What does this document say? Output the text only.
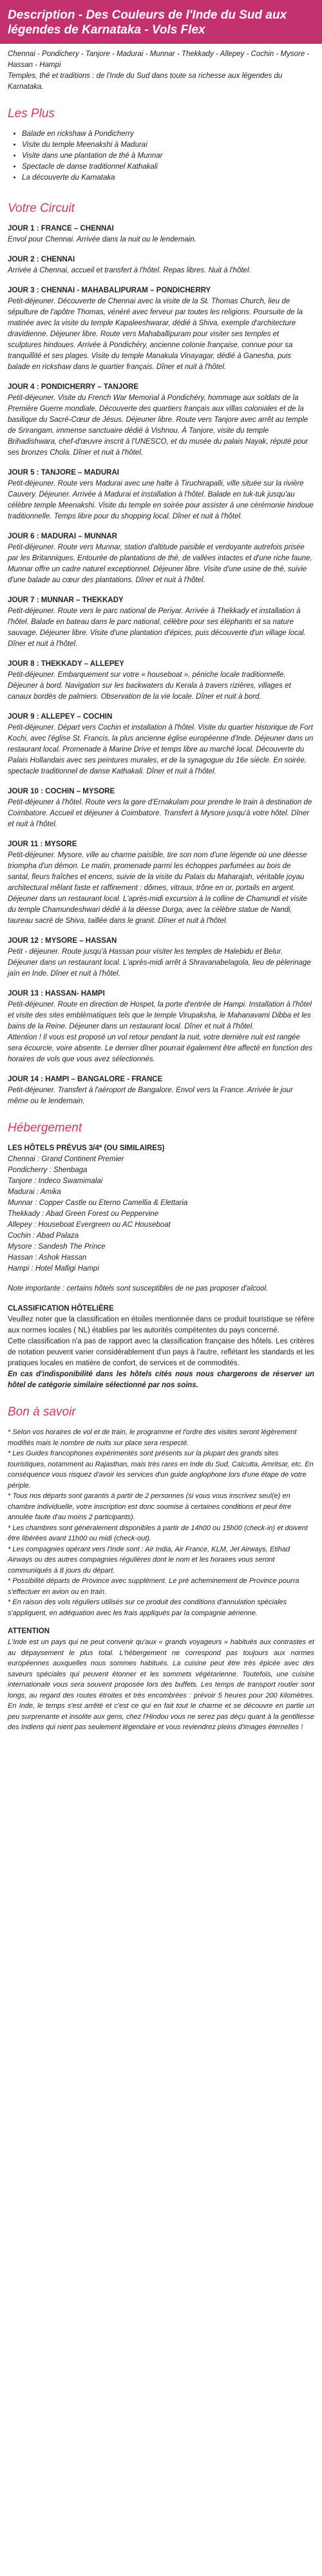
Description - Des Couleurs de l'Inde du Sud aux légendes de Karnataka - Vols Flex

Chennai - Pondichery - Tanjore - Madurai - Munnar - Thekkady - Allepey - Cochin - Mysore - Hassan - Hampi

Temples, thé et traditions : de l'Inde du Sud dans toute sa richesse aux légendes du Karnataka.

Les Plus
• Balade en rickshaw à Pondicherry
• Visite du temple Meenakshi à Madurai
• Visite dans une plantation de thé à Munnar
• Spectacle de danse traditionnel Kathakali
• La découverte du Karnataka
Votre Circuit

JOUR 1 : FRANCE – CHENNAI

Envol pour Chennai. Arrivée dans la nuit ou le lendemain.

JOUR 2 : CHENNAI

Arrivée à Chennai, accueil et transfert à l'hôtel. Repas libres. Nuit à l'hôtel.

JOUR 3 : CHENNAI - MAHABALIPURAM – PONDICHERRY

Petit-déjeuner. Découverte de Chennai avec la visite de la St. Thomas Church, lieu de sépulture de l'apôtre Thomas, vénéré avec ferveur par toutes les religions. Poursuite de la matinée avec la visite du temple Kapaleeshwarar, dédié à Shiva, exemple d'architecture dravidienne. Déjeuner libre. Route vers Mahaballipuram pour visiter ses temples et sculptures hindoues. Arrivée à Pondichéry, ancienne colonie française, connue pour sa tranquillité et ses plages. Visite du temple Manakula Vinayagar, dédié à Ganesha, puis balade en rickshaw dans le quartier français. Dîner et nuit à l'hôtel.

JOUR 4 : PONDICHERRY – TANJORE

Petit-déjeuner. Visite du French War Memorial à Pondichéry, hommage aux soldats de la Première Guerre mondiale. Découverte des quartiers français aux villas coloniales et de la basilique du Sacré-Cœur de Jésus. Déjeuner libre. Route vers Tanjore avec arrêt au temple de Srirangam, immense sanctuaire dédié à Vishnou. À Tanjore, visite du temple Brihadishwara, chef-d'œuvre inscrit à l'UNESCO, et du musée du palais Nayak, réputé pour ses bronzes Chola. Dîner et nuit à l'hôtel.

JOUR 5 : TANJORE – MADURAI

Petit-déjeuner. Route vers Madurai avec une halte à Tiruchirapalli, ville située sur la rivière Cauvery. Déjeuner. Arrivée à Madurai et installation à l'hôtel. Balade en tuk-tuk jusqu'au célèbre temple Meenakshi. Visite du temple en soirée pour assister à une cérémonie hindoue traditionnelle. Temps libre pour du shopping local. Dîner et nuit à l'hôtel.

JOUR 6 : MADURAI – MUNNAR

Petit-déjeuner. Route vers Munnar, station d'altitude paisible et verdoyante autrefois prisée par les Britanniques. Entourée de plantations de thé, de vallées intactes et d'une riche faune, Munnar offre un cadre naturel exceptionnel. Déjeuner libre. Visite d'une usine de thé, suivie d'une balade au cœur des plantations. Dîner et nuit à l'hôtel.

JOUR 7 : MUNNAR – THEKKADY

Petit-déjeuner. Route vers le parc national de Periyar. Arrivée à Thekkady et installation à l'hôtel. Balade en bateau dans le parc national, célèbre pour ses éléphants et sa nature sauvage. Déjeuner libre. Visite d'une plantation d'épices, puis découverte d'un village local. Dîner et nuit à l'hôtel.

JOUR 8 : THEKKADY – ALLEPEY

Petit-déjeuner. Embarquement sur votre « houseboat », péniche locale traditionnelle. Déjeuner à bord. Navigation sur les backwaters du Kerala à travers rizières, villages et canaux bordés de palmiers. Observation de la vie locale. Dîner et nuit à bord.

JOUR 9 : ALLEPEY – COCHIN

Petit-déjeuner. Départ vers Cochin et installation à l'hôtel. Visite du quartier historique de Fort Kochi, avec l'église St. Francis, la plus ancienne église européenne d'Inde. Déjeuner dans un restaurant local. Promenade à Marine Drive et temps libre au marché local. Découverte du Palais Hollandais avec ses peintures murales, et de la synagogue du 16e siècle. En soirée, spectacle traditionnel de danse Kathakali. Dîner et nuit à l'hôtel.

JOUR 10 : COCHIN – MYSORE

Petit-déjeuner à l'hôtel. Route vers la gare d'Ernakulam pour prendre le train à destination de Coimbatore. Accueil et déjeuner à Coimbatore. Transfert à Mysore jusqu'à votre hôtel. Dîner et nuit à l'hôtel.

JOUR 11 : MYSORE

Petit-déjeuner. Mysore, ville au charme paisible, tire son nom d'une légende où une déesse triompha d'un démon. Le matin, promenade parmi les échoppes parfumées au bois de santal, fleurs fraîches et encens, suivie de la visite du Palais du Maharajah, véritable joyau architectural mêlant faste et raffinement : dômes, vitraux, trône en or, portails en argent. Déjeuner dans un restaurant local. L'après-midi excursion à la colline de Chamundi et visite du temple Chamundeshwari dédié à la déesse Durga, avec la célèbre statue de Nandi, taureau sacré de Shiva, taillée dans le granit. Dîner et nuit à l'hôtel.

JOUR 12 : MYSORE – HASSAN

Petit - déjeuner. Route jusqu'à Hassan pour visiter les temples de Halebidu et Belur. Déjeuner dans un restaurant local. L'après-midi arrêt à Shravanabelagola, lieu de pèlerinage jaïn en Inde. Dîner et nuit à l'hôtel.

JOUR 13 : HASSAN- HAMPI

Petit-déjeuner. Route en direction de Hospet, la porte d'entrée de Hampi. Installation à l'hôtel et visite des sites emblématiques tels que le temple Virupaksha, le Mahanavami Dibba et les bains de la Reine. Déjeuner dans un restaurant local. Dîner et nuit à l'hôtel.
Attention ! Il vous est proposé un vol retour pendant la nuit, votre dernière nuit est rangée sera écourcie, voire absente. Le dernier dîner pourrait également être affecté en fonction des horaires de vols que vous avez sélectionnés.

JOUR 14 : HAMPI – BANGALORE - FRANCE

Petit-déjeuner. Transfert à l'aéroport de Bangalore. Envol vers la France. Arrivée le jour même ou le lendemain.

Hébergement

LES HÔTELS PRÉVUS 3/4* (OU SIMILAIRES)

Chennai : Grand Continent Premier
Pondicherry : Shenbaga
Tanjore : Indeco Swamimalai
Madurai : Amika
Munnar : Copper Castle ou Eterno Camellia & Elettaria
Thekkady : Abad Green Forest ou Peppervine
Allepey : Houseboat Evergreen ou AC Houseboat
Cochin : Abad Palaza
Mysore : Sandesh The Prince
Hassan : Ashok Hassan
Hampi : Hotel Malligi Hampi

Note importante : certains hôtels sont susceptibles de ne pas proposer d'alcool.

CLASSIFICATION HÔTELIÈRE

Veuillez noter que la classification en étoiles mentionnée dans ce produit touristique se réfère aux normes locales ( NL) établies par les autorités compétentes du pays concerné.

Cette classification n'a pas de rapport avec la classification française des hôtels. Les critères de notation peuvent varier considérablement d'un pays à l'autre, reflétant les standards et les pratiques locales en matière de confort, de services et de commodités.

En cas d'indisponibilité dans les hôtels cités nous nous chargerons de réserver un hôtel de catégorie similaire sélectionné par nos soins.

Bon à savoir

* Selon vos horaires de vol et de train, le programme et l'ordre des visites seront légèrement modifiés mais le nombre de nuits sur place sera respecté.

* Les Guides francophones expérimentés sont présents sur la plupart des grands sites touristiques, notamment au Rajasthan, mais très rares en Inde du Sud, Calcutta, Amritsar, etc. En conséquence vous risquez d'avoir les services d'un guide anglophone lors d'une étape de votre périple.

* Tous nos départs sont garantis à partir de 2 personnes (si vous vous inscrivez seul(e) en chambre individuelle, votre inscription est donc soumise à certaines conditions et peut être annulée faute d'au moins 2 participants).

* Les chambres sont généralement disponibles à partir de 14h00 ou 15h00 (check-in) et doivent être libérées avant 11h00 ou midi (check-out).

* Les compagnies opérant vers l'Inde sont : Air India, Air France, KLM, Jet Airways, Etihad Airways ou des autres compagnies régulières dont le nom et les horaires vous seront communiqués à 8 jours du départ.

* Possibilité départs de Province avec supplément. Le pré acheminement de Province pourra s'effectuer en avion ou en train.

* En raison des vols réguliers utilisés sur ce produit des conditions d'annulation spéciales s'appliquent, en adéquation avec les frais appliqués par la compagnie aérienne.

ATTENTION

L'Inde est un pays qui ne peut convenir qu'aux « grands voyageurs » habitués aux contrastes et au dépaysement le plus total. L'hébergement ne correspond pas toujours aux normes européennes auxquelles nous sommes habitués. La cuisine peut être très épicée avec des saveurs spéciales qui peuvent étonner et les sommets végétarienne. Toutefois, une cuisine internationale vous sera souvent proposée lors des buffets. Les temps de transport routier sont longs, au regard des routes étroites et très encombrées : prévoir 5 heures pour 200 kilomètres. En Inde, le temps s'est arrêté et c'est ce qui en fait tout le charme et se découvre en partie un peu surprenante et insolite aux gens, chez l'Hindou vous ne serez pas déçu quant à la gentillesse des Indiens qui nient pas seulement légendaire et vous reviendrez pleins d'images éternelles !
